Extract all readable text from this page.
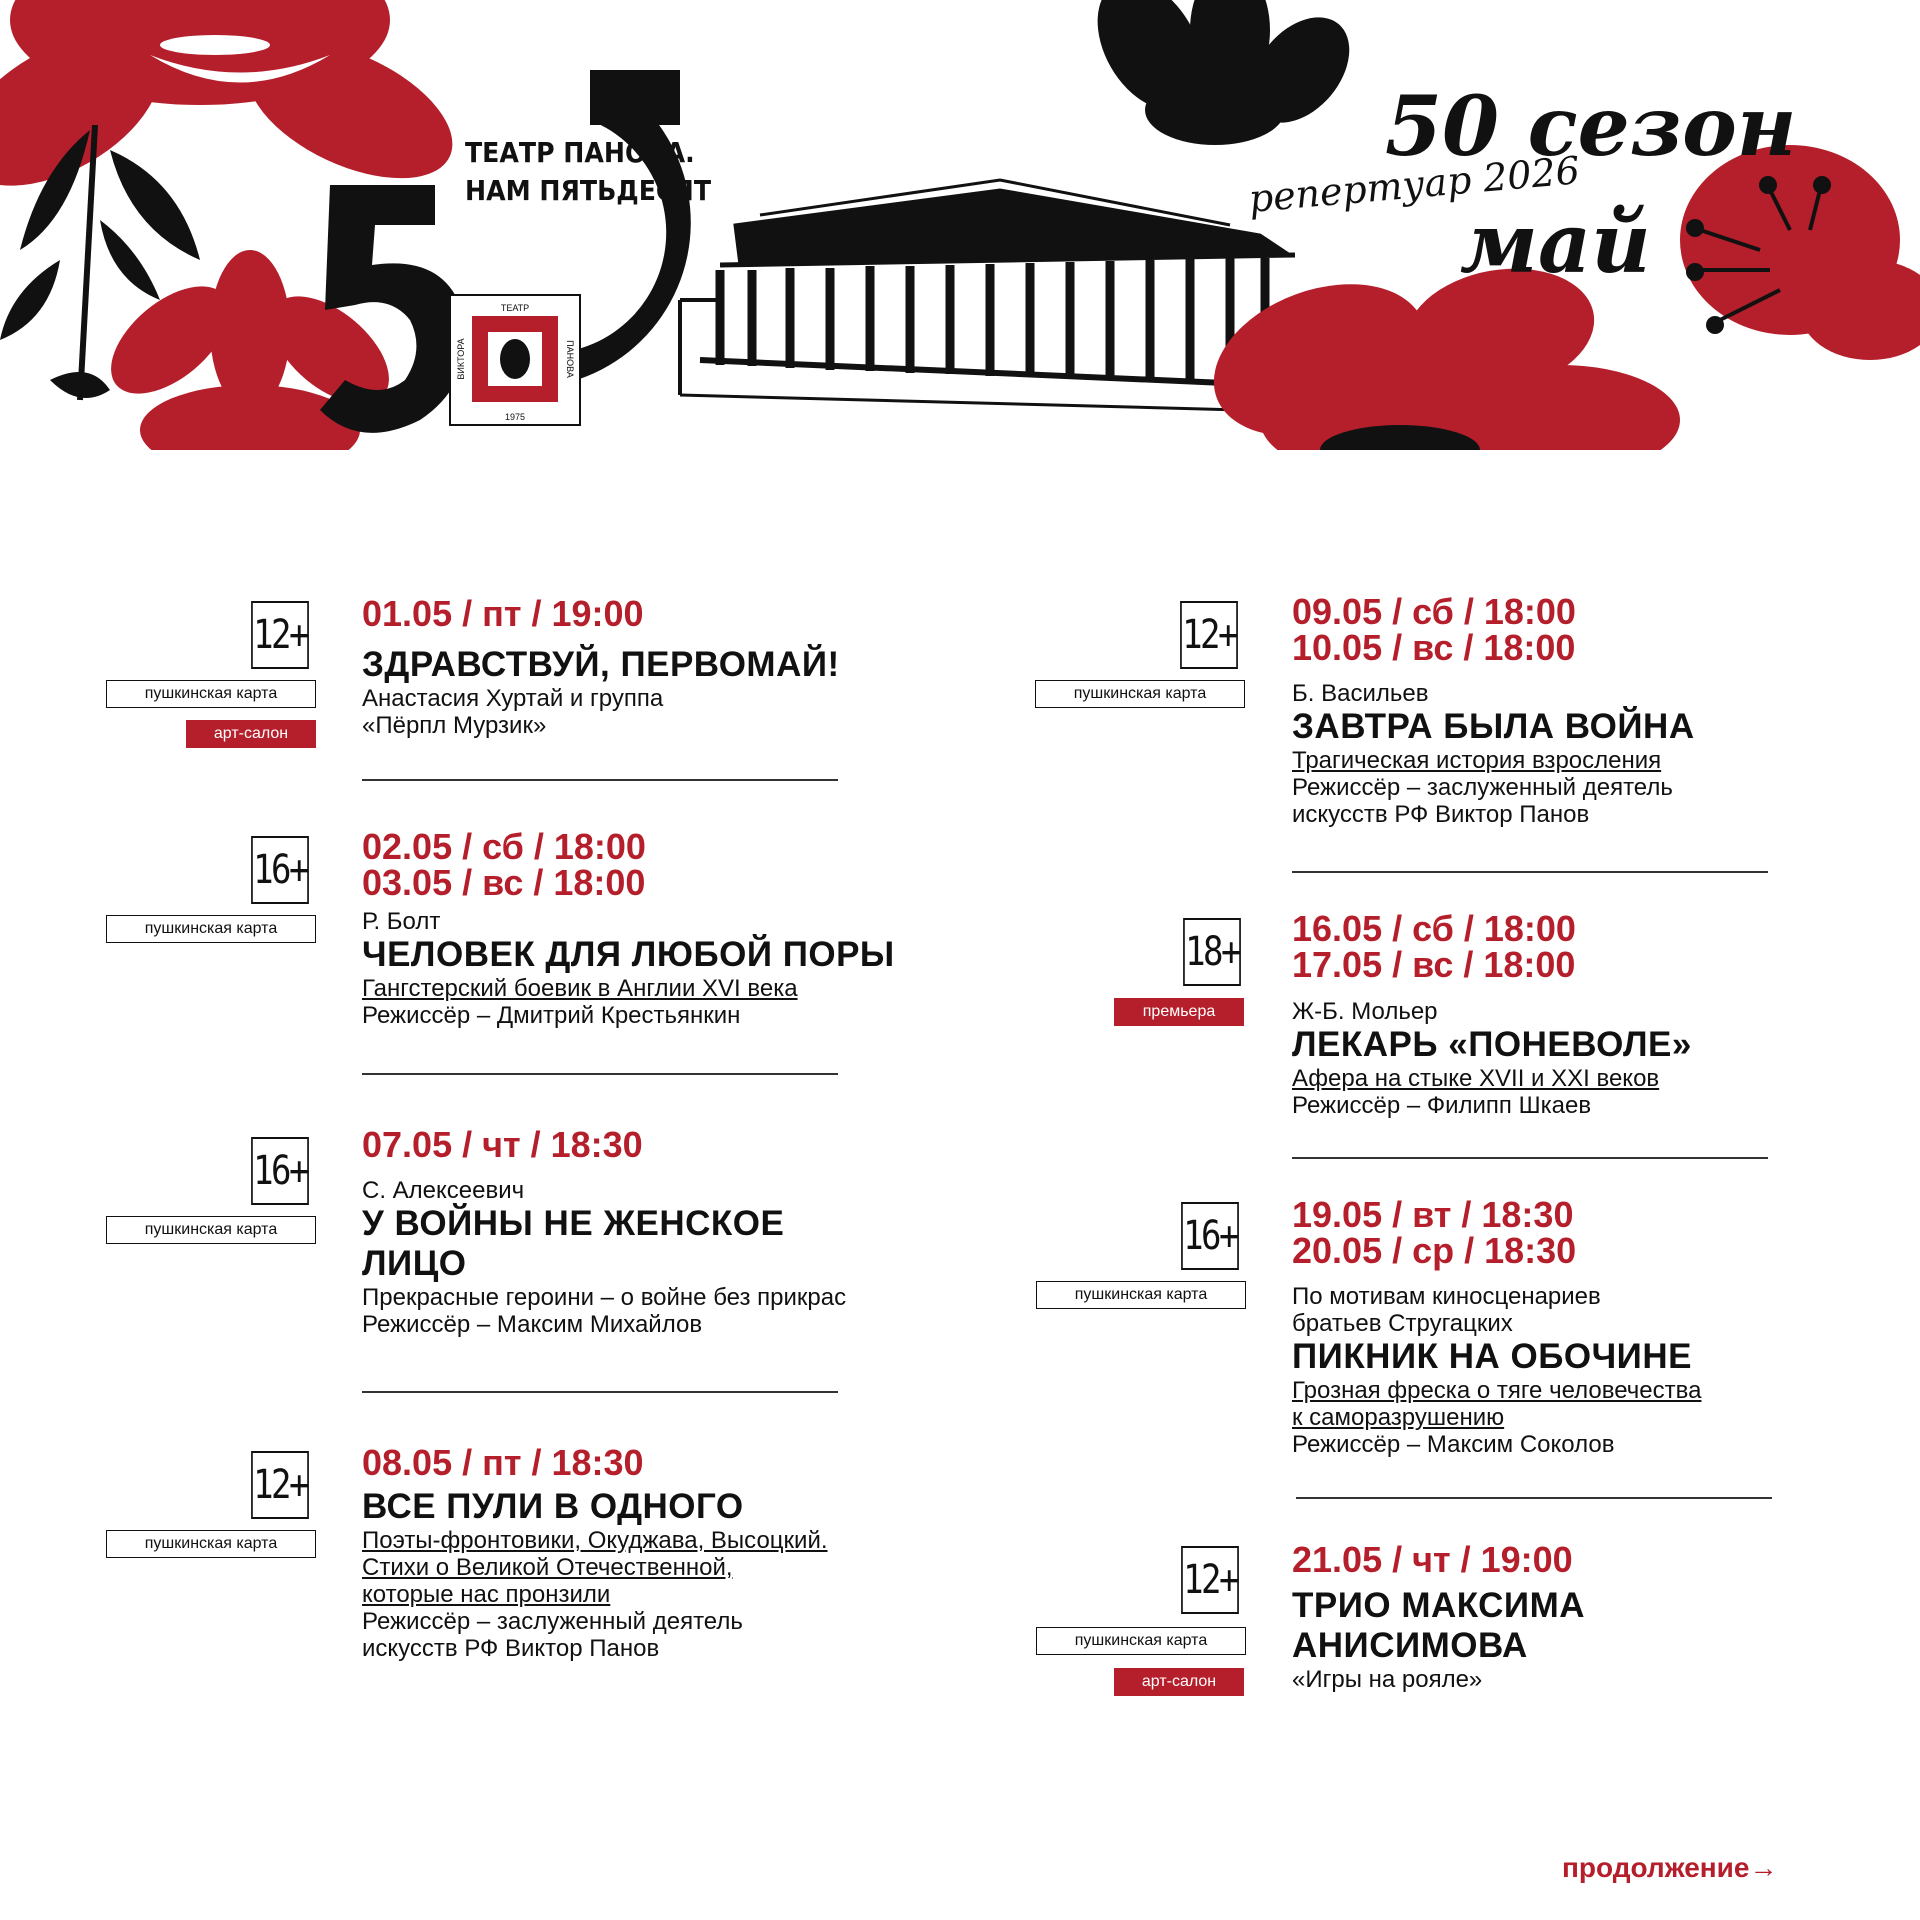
ТЕАТР ПАНОВА.
НАМ ПЯТЬДЕСЯТ
ТЕАТР
1975
ВИКТОРА	ПАНОВА
50 сезон
репертуар 2026
май
12+
пушкинская карта
арт-салон
01.05 / пт / 19:00
ЗДРАВСТВУЙ, ПЕРВОМАЙ!
Анастасия Хуртай и группа
«Пёрпл Мурзик»
16+
пушкинская карта
02.05 / сб / 18:00
03.05 / вс / 18:00
Р. Болт
ЧЕЛОВЕК ДЛЯ ЛЮБОЙ ПОРЫ
Гангстерский боевик в Англии XVI века
Режиссёр – Дмитрий Крестьянкин
16+
пушкинская карта
07.05 / чт / 18:30
С. Алексеевич
У ВОЙНЫ НЕ ЖЕНСКОЕ
ЛИЦО
Прекрасные героини – о войне без прикрас
Режиссёр – Максим Михайлов
12+
пушкинская карта
08.05 / пт / 18:30
ВСЕ ПУЛИ В ОДНОГО
Поэты-фронтовики, Окуджава, Высоцкий.
Стихи о Великой Отечественной,
которые нас пронзили
Режиссёр – заслуженный деятель
искусств РФ Виктор Панов
12+
пушкинская карта
09.05 / сб / 18:00
10.05 / вс / 18:00
Б. Васильев
ЗАВТРА БЫЛА ВОЙНА
Трагическая история взросления
Режиссёр – заслуженный деятель
искусств РФ Виктор Панов
18+
премьера
16.05 / сб / 18:00
17.05 / вс / 18:00
Ж-Б. Мольер
ЛЕКАРЬ «ПОНЕВОЛЕ»
Афера на стыке XVII и XXI веков
Режиссёр – Филипп Шкаев
16+
пушкинская карта
19.05 / вт / 18:30
20.05 / ср / 18:30
По мотивам киносценариев
братьев Стругацких
ПИКНИК НА ОБОЧИНЕ
Грозная фреска о тяге человечества
к саморазрушению
Режиссёр – Максим Соколов
12+
пушкинская карта
арт-салон
21.05 / чт / 19:00
ТРИО МАКСИМА
АНИСИМОВА
«Игры на рояле»
продолжение→
